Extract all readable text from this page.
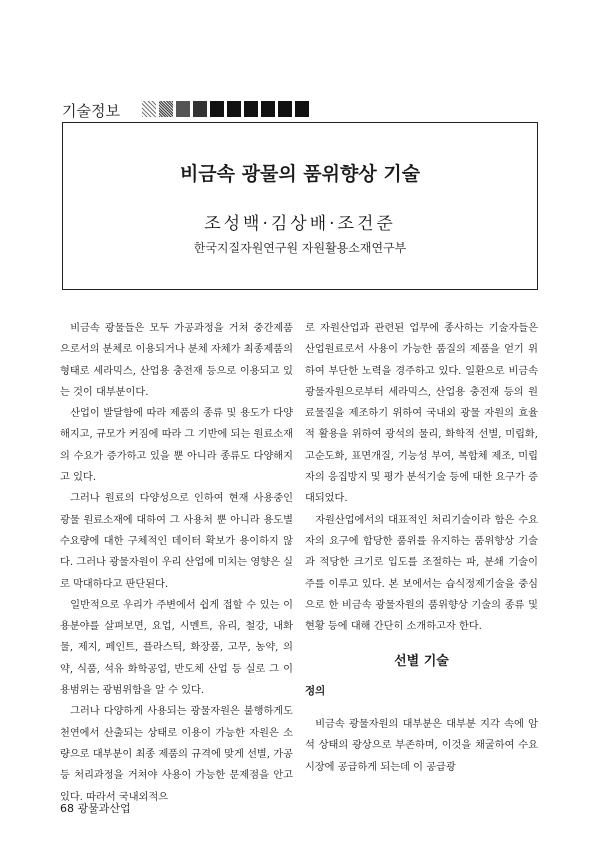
기술정보
비금속 광물의 품위향상 기술
조성백·김상배·조건준
한국지질자원연구원 자원활용소재연구부

비금속 광물들은 모두 가공과정을 거쳐 중간제품으로서의 분체로 이용되거나 분체 자체가 최종제품의 형태로 세라믹스, 산업용 충전재 등으로 이용되고 있는 것이 대부분이다.

산업이 발달함에 따라 제품의 종류 및 용도가 다양해지고, 규모가 커짐에 따라 그 기반에 되는 원료소재의 수요가 증가하고 있을 뿐 아니라 종류도 다양해지고 있다.

그러나 원료의 다양성으로 인하여 현재 사용중인 광물 원료소재에 대하여 그 사용처 뿐 아니라 용도별 수요량에 대한 구체적인 데이터 확보가 용이하지 않다. 그러나 광물자원이 우리 산업에 미치는 영향은 실로 막대하다고 판단된다.

일반적으로 우리가 주변에서 쉽게 접할 수 있는 이용분야를 살펴보면, 요업, 시멘트, 유리, 철강, 내화물, 제지, 페인트, 플라스틱, 화장품, 고무, 농약, 의약, 식품, 석유 화학공업, 반도체 산업 등 실로 그 이용범위는 광범위함을 알 수 있다.

그러나 다양하게 사용되는 광물자원은 불행하게도 천연에서 산출되는 상태로 이용이 가능한 자원은 소량으로 대부분이 최종 제품의 규격에 맞게 선별, 가공 등 처리과정을 거쳐야 사용이 가능한 문제점을 안고 있다. 따라서 국내외적으

로 자원산업과 관련된 업무에 종사하는 기술자들은 산업원료로서 사용이 가능한 품질의 제품을 얻기 위하여 부단한 노력을 경주하고 있다. 일환으로 비금속 광물자원으로부터 세라믹스, 산업용 충전재 등의 원료물질을 제조하기 위하여 국내외 광물 자원의 효율적 활용을 위하여 광석의 물리, 화학적 선별, 미립화, 고순도화, 표면개질, 기능성 부여, 복합체 제조, 미립자의 응집방지 및 평가 분석기술 등에 대한 요구가 증대되었다.

자원산업에서의 대표적인 처리기술이라 함은 수요자의 요구에 합당한 품위를 유지하는 품위향상 기술과 적당한 크기로 입도를 조절하는 파, 분쇄 기술이 주를 이루고 있다. 본 보에서는 습식정제기술을 중심으로 한 비금속 광물자원의 품위향상 기술의 종류 및 현황 등에 대해 간단히 소개하고자 한다.

선별 기술
정의

비금속 광물자원의 대부분은 대부분 지각 속에 암석 상태의 광상으로 부존하며, 이것을 채굴하여 수요시장에 공급하게 되는데 이 공급광

68 광물과산업
